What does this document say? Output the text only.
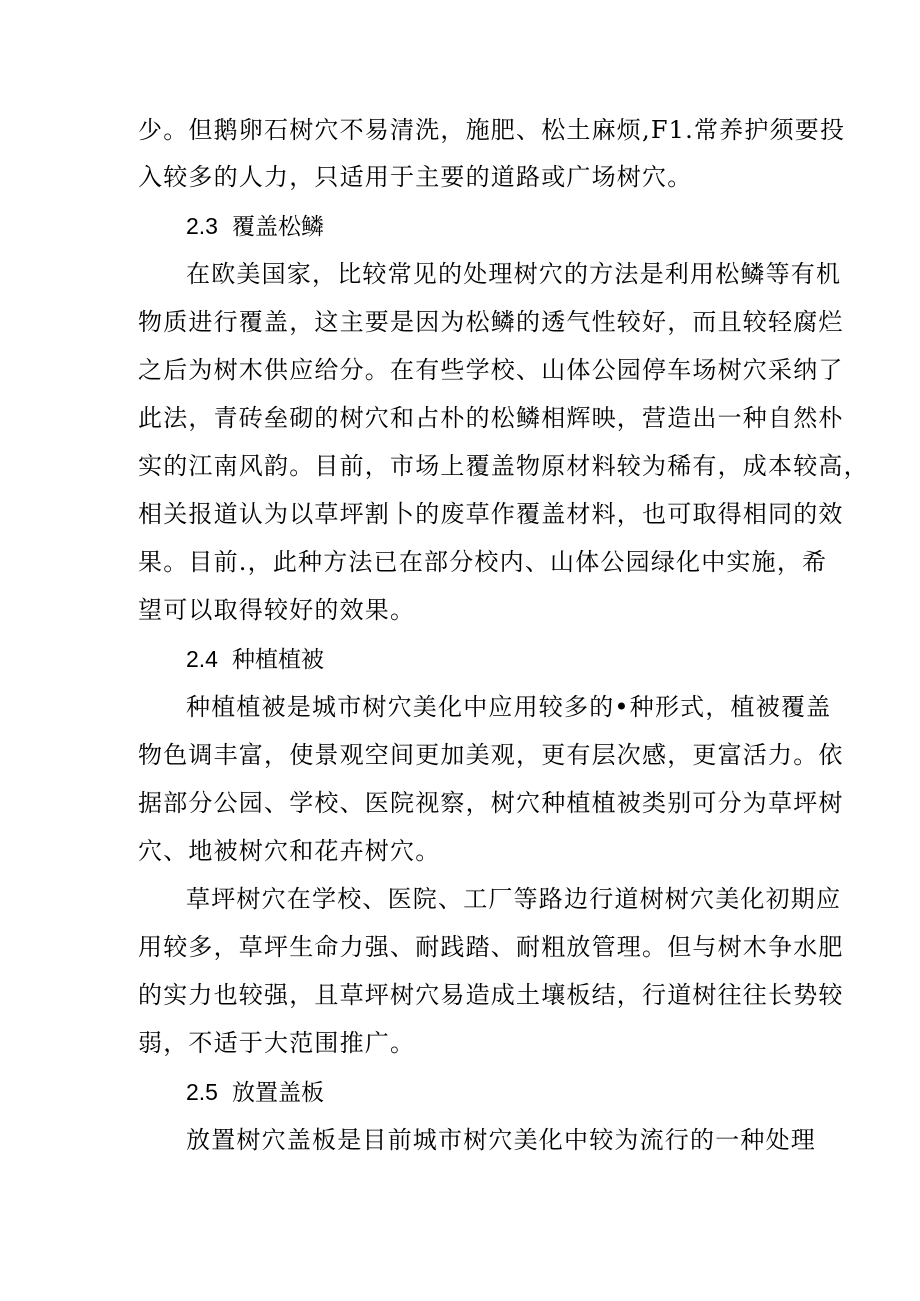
少。但鹅卵石树穴不易清洗，施肥、松土麻烦,F1.常养护须要投
入较多的人力，只适用于主要的道路或广场树穴。
2.3 覆盖松鳞
在欧美国家，比较常见的处理树穴的方法是利用松鳞等有机
物质进行覆盖，这主要是因为松鳞的透气性较好，而且较轻腐烂
之后为树木供应给分。在有些学校、山体公园停车场树穴采纳了
此法，青砖垒砌的树穴和占朴的松鳞相辉映，营造出一种自然朴
实的江南风韵。目前，市场上覆盖物原材料较为稀有，成本较高，
相关报道认为以草坪割卜的废草作覆盖材料，也可取得相同的效
果。目前.，此种方法已在部分校内、山体公园绿化中实施，希
望可以取得较好的效果。
2.4 种植植被
种植植被是城市树穴美化中应用较多的•种形式，植被覆盖
物色调丰富，使景观空间更加美观，更有层次感，更富活力。依
据部分公园、学校、医院视察，树穴种植植被类别可分为草坪树
穴、地被树穴和花卉树穴。
草坪树穴在学校、医院、工厂等路边行道树树穴美化初期应
用较多，草坪生命力强、耐践踏、耐粗放管理。但与树木争水肥
的实力也较强，且草坪树穴易造成土壤板结，行道树往往长势较
弱，不适于大范围推广。
2.5 放置盖板
放置树穴盖板是目前城市树穴美化中较为流行的一种处理
